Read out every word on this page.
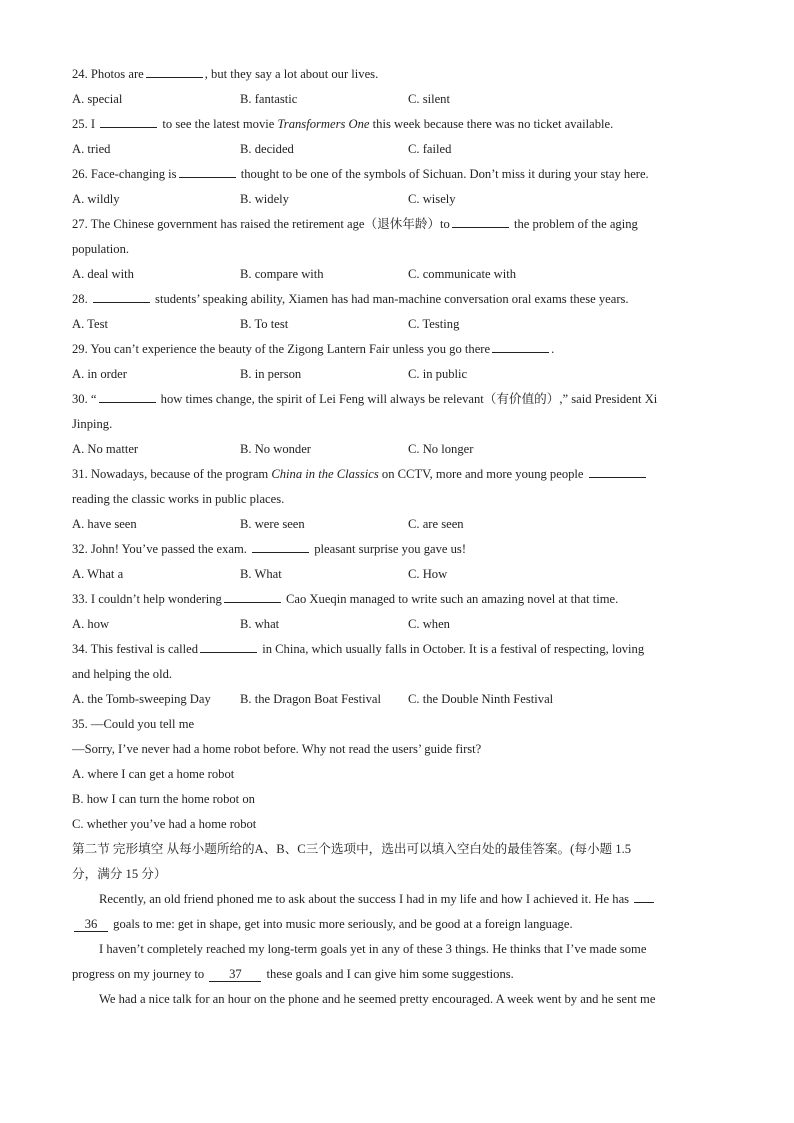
24. Photos are	, but they say a lot about our lives.
A. special	B. fantastic	C. silent
25. I	to see the latest movie Transformers One this week because there was no ticket available.
A. tried	B. decided	C. failed
26. Face-changing is	thought to be one of the symbols of Sichuan. Don’t miss it during your stay here.
A. wildly	B. widely	C. wisely
27. The Chinese government has raised the retirement age（退休年龄）to	the problem of the aging
population.
A. deal with	B. compare with	C. communicate with
28.	students’ speaking ability, Xiamen has had man-machine conversation oral exams these years.
A. Test	B. To test	C. Testing
29. You can’t experience the beauty of the Zigong Lantern Fair unless you go there	.
A. in order	B. in person	C. in public
30. “	how times change, the spirit of Lei Feng will always be relevant（有价值的）,” said President Xi
Jinping.
A. No matter	B. No wonder	C. No longer
31. Nowadays, because of the program China in the Classics on CCTV, more and more young people
reading the classic works in public places.
A. have seen	B. were seen	C. are seen
32. John! You’ve passed the exam.	pleasant surprise you gave us!
A. What a	B. What	C. How
33. I couldn’t help wondering	Cao Xueqin managed to write such an amazing novel at that time.
A. how	B. what	C. when
34. This festival is called	in China, which usually falls in October. It is a festival of respecting, loving
and helping the old.
A. the Tomb-sweeping Day	B. the Dragon Boat Festival	C. the Double Ninth Festival
35. —Could you tell me
—Sorry, I’ve never had a home robot before. Why not read the users’ guide first?
A. where I can get a home robot
B. how I can turn the home robot on
C. whether you’ve had a home robot
第二节 完形填空 从每小题所给的A、B、C三个选项中，选出可以填入空白处的最佳答案。(每小题 1.5
分，满分 15 分）
Recently, an old friend phoned me to ask about the success I had in my life and how I achieved it. He has
36 goals to me: get in shape, get into music more seriously, and be good at a foreign language.
I haven’t completely reached my long-term goals yet in any of these 3 things. He thinks that I’ve made some
progress on my journey to 37 these goals and I can give him some suggestions.
We had a nice talk for an hour on the phone and he seemed pretty encouraged. A week went by and he sent me
